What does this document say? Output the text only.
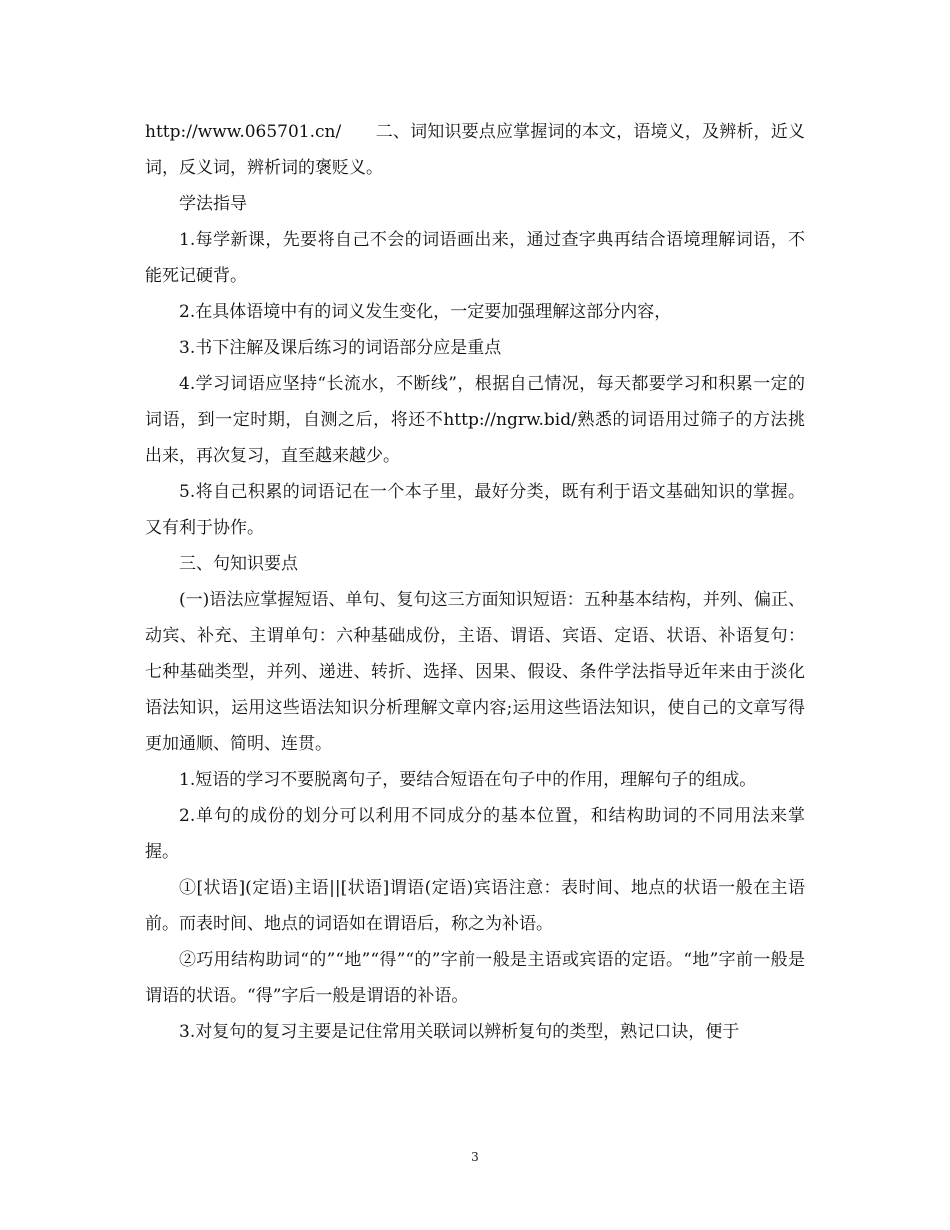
http://www.065701.cn/　　二、词知识要点应掌握词的本文，语境义，及辨析，近义词，反义词，辨析词的褒贬义。

学法指导

1.每学新课，先要将自己不会的词语画出来，通过查字典再结合语境理解词语，不能死记硬背。

2.在具体语境中有的词义发生变化，一定要加强理解这部分内容，

3.书下注解及课后练习的词语部分应是重点

4.学习词语应坚持“长流水，不断线”，根据自己情况，每天都要学习和积累一定的词语，到一定时期，自测之后，将还不http://ngrw.bid/熟悉的词语用过筛子的方法挑出来，再次复习，直至越来越少。

5.将自己积累的词语记在一个本子里，最好分类，既有利于语文基础知识的掌握。又有利于协作。

三、句知识要点

(一)语法应掌握短语、单句、复句这三方面知识短语：五种基本结构，并列、偏正、动宾、补充、主谓单句：六种基础成份，主语、谓语、宾语、定语、状语、补语复句：七种基础类型，并列、递进、转折、选择、因果、假设、条件学法指导近年来由于淡化语法知识，运用这些语法知识分析理解文章内容;运用这些语法知识，使自己的文章写得更加通顺、简明、连贯。

1.短语的学习不要脱离句子，要结合短语在句子中的作用，理解句子的组成。

2.单句的成份的划分可以利用不同成分的基本位置，和结构助词的不同用法来掌握。

①[状语](定语)主语||[状语]谓语(定语)宾语注意：表时间、地点的状语一般在主语前。而表时间、地点的词语如在谓语后，称之为补语。

②巧用结构助词“的”“地”“得”“的”字前一般是主语或宾语的定语。“地”字前一般是谓语的状语。“得”字后一般是谓语的补语。

3.对复句的复习主要是记住常用关联词以辨析复句的类型，熟记口诀，便于

3
